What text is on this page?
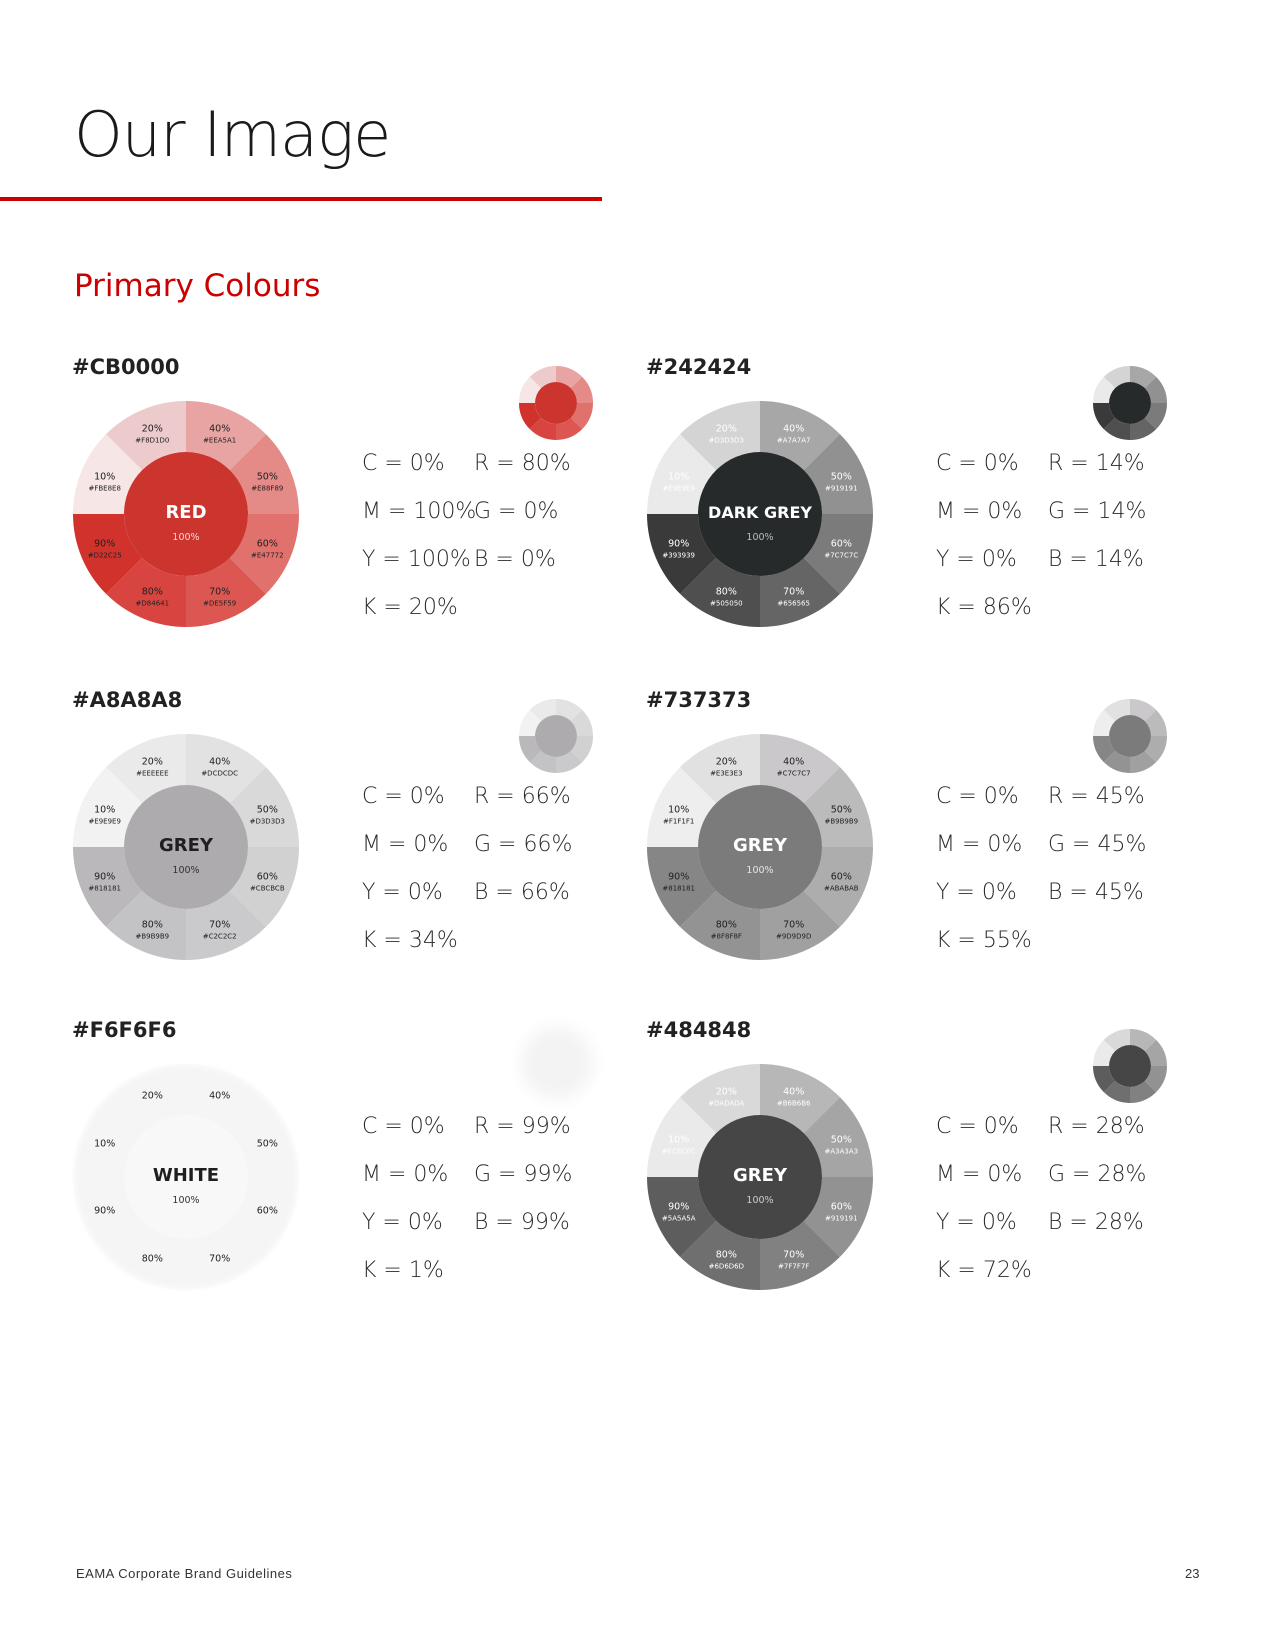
Our Image
Primary Colours
#CB0000
10%
#FBE8E8
20%
#F8D1D0
40%
#EEA5A1
50%
#E88F89
60%
#E47772
70%
#DE5F59
80%
#D84641
90%
#D22C25
RED
100%
C = 0%
M = 100%
Y = 100%
K = 20%
R = 80%
G = 0%
B = 0%
#242424
10%
#E9E9E9
20%
#D3D3D3
40%
#A7A7A7
50%
#919191
60%
#7C7C7C
70%
#656565
80%
#505050
90%
#393939
DARK GREY
100%
C = 0%
M = 0%
Y = 0%
K = 86%
R = 14%
G = 14%
B = 14%
#A8A8A8
10%
#E9E9E9
20%
#EEEEEE
40%
#DCDCDC
50%
#D3D3D3
60%
#CBCBCB
70%
#C2C2C2
80%
#B9B9B9
90%
#818181
GREY
100%
C = 0%
M = 0%
Y = 0%
K = 34%
R = 66%
G = 66%
B = 66%
#737373
10%
#F1F1F1
20%
#E3E3E3
40%
#C7C7C7
50%
#B9B9B9
60%
#ABABAB
70%
#9D9D9D
80%
#8F8F8F
90%
#818181
GREY
100%
C = 0%
M = 0%
Y = 0%
K = 55%
R = 45%
G = 45%
B = 45%
#F6F6F6
10%
20%	40%
50%
60%
70%
80%
90%
WHITE
100%
C = 0%
M = 0%
Y = 0%
K = 1%
R = 99%
G = 99%
B = 99%
#484848
10%
#ECECEC
20%
#DADADA
40%
#B6B6B6
50%
#A3A3A3
60%
#919191
70%
#7F7F7F
80%
#6D6D6D
90%
#5A5A5A
GREY
100%
C = 0%
M = 0%
Y = 0%
K = 72%
R = 28%
G = 28%
B = 28%
EAMA Corporate Brand Guidelines	23
